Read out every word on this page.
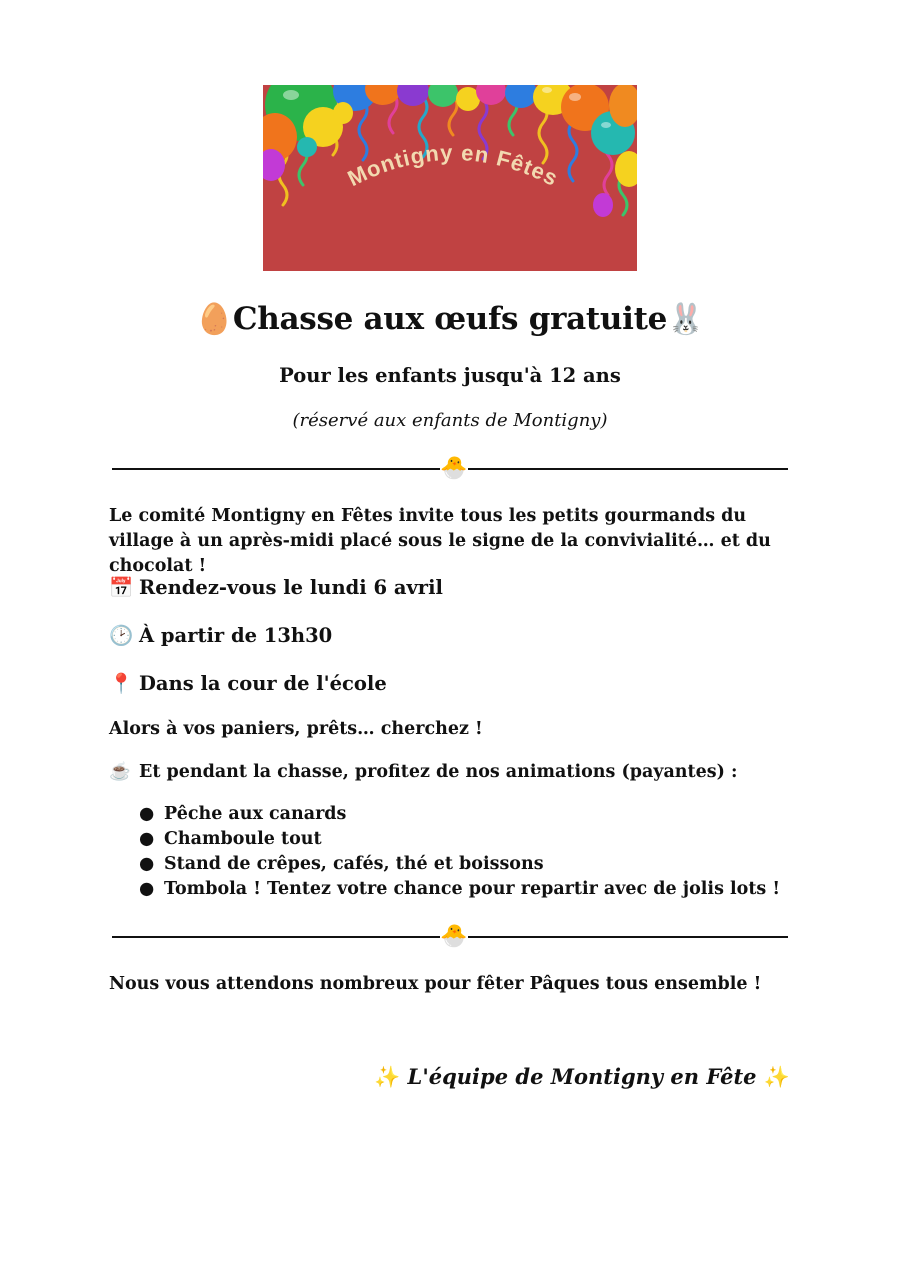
Montigny en Fêtes
🥚Chasse aux œufs gratuite🐰
Pour les enfants jusqu'à 12 ans
(réservé aux enfants de Montigny)
🐣
Le comité Montigny en Fêtes invite tous les petits gourmands du village à un après-midi placé sous le signe de la convivialité… et du chocolat !
📅 Rendez-vous le lundi 6 avril
🕑 À partir de 13h30
📍 Dans la cour de l'école
Alors à vos paniers, prêts… cherchez !
☕ Et pendant la chasse, profitez de nos animations (payantes) :
● Pêche aux canards
● Chamboule tout
● Stand de crêpes, cafés, thé et boissons
● Tombola ! Tentez votre chance pour repartir avec de jolis lots !
🐣
Nous vous attendons nombreux pour fêter Pâques tous ensemble !
✨ L'équipe de Montigny en Fête ✨
